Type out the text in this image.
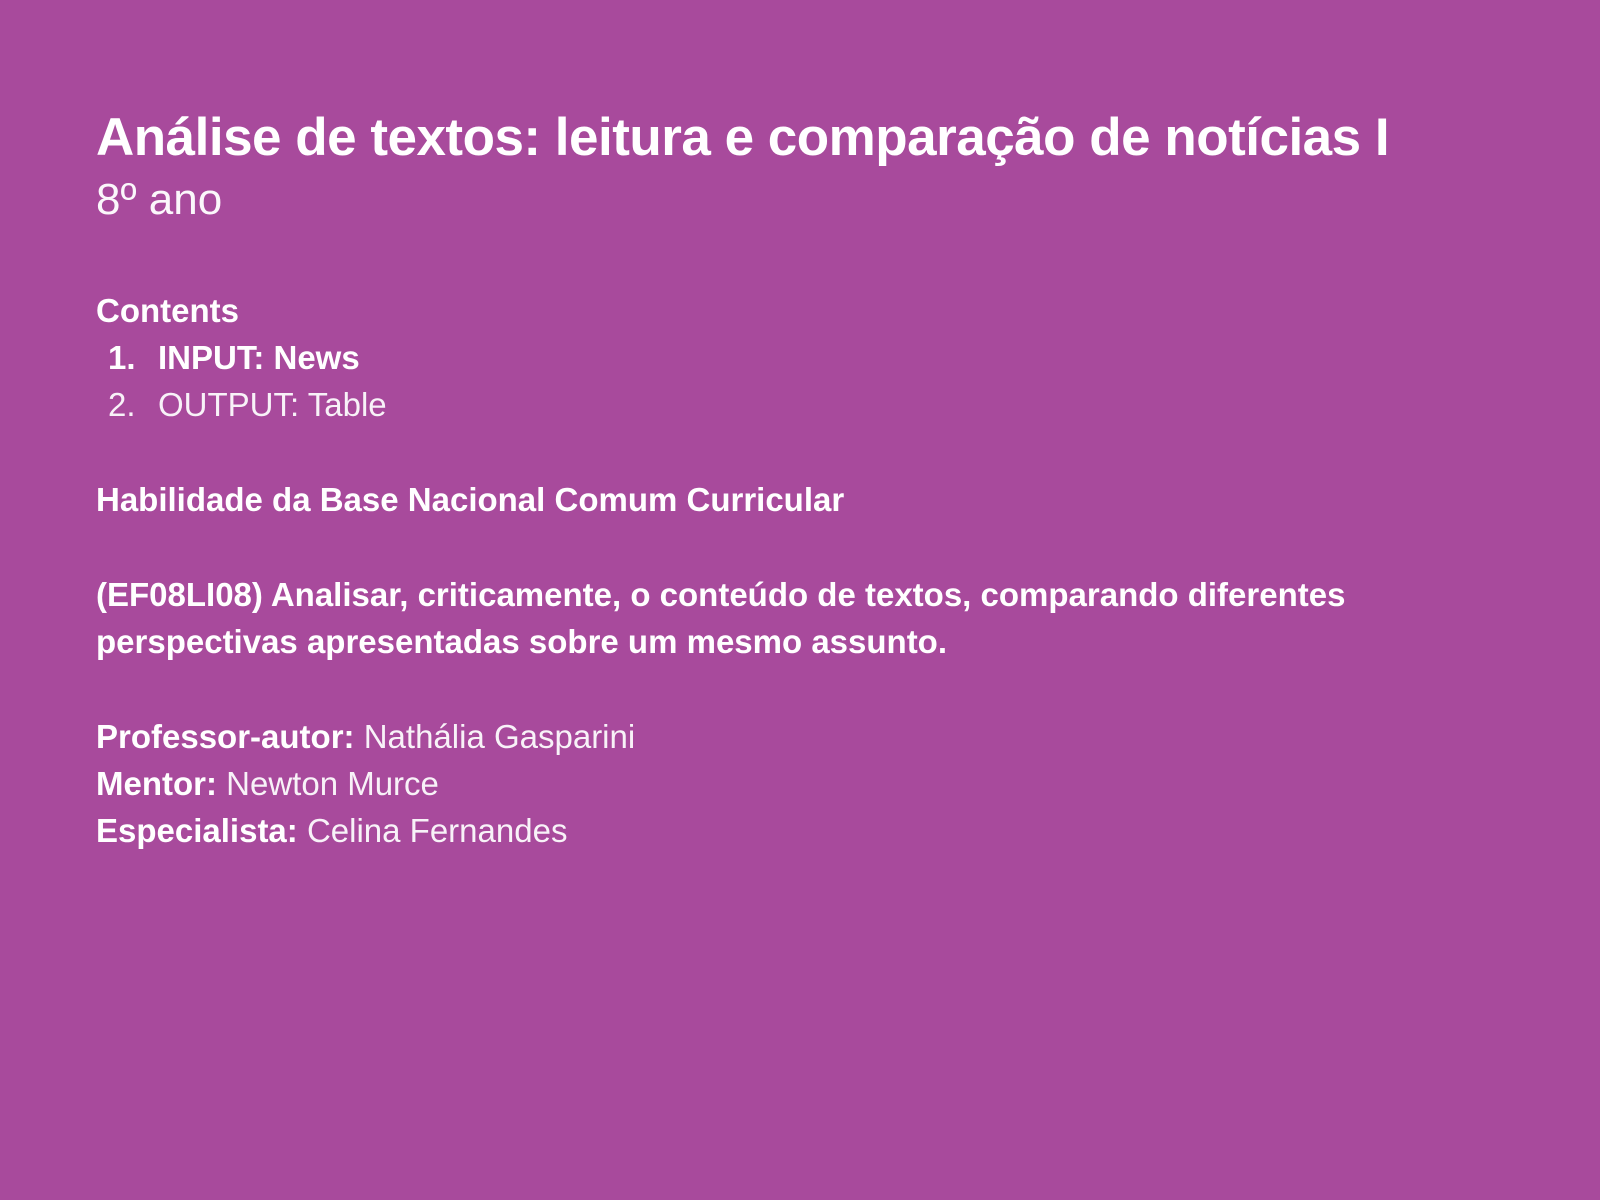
Análise de textos: leitura e comparação de notícias I
8º ano
Contents
1. INPUT: News
2. OUTPUT: Table
Habilidade da Base Nacional Comum Curricular

(EF08LI08) Analisar, criticamente, o conteúdo de textos, comparando diferentes perspectivas apresentadas sobre um mesmo assunto.

Professor-autor: Nathália Gasparini
Mentor: Newton Murce
Especialista: Celina Fernandes
